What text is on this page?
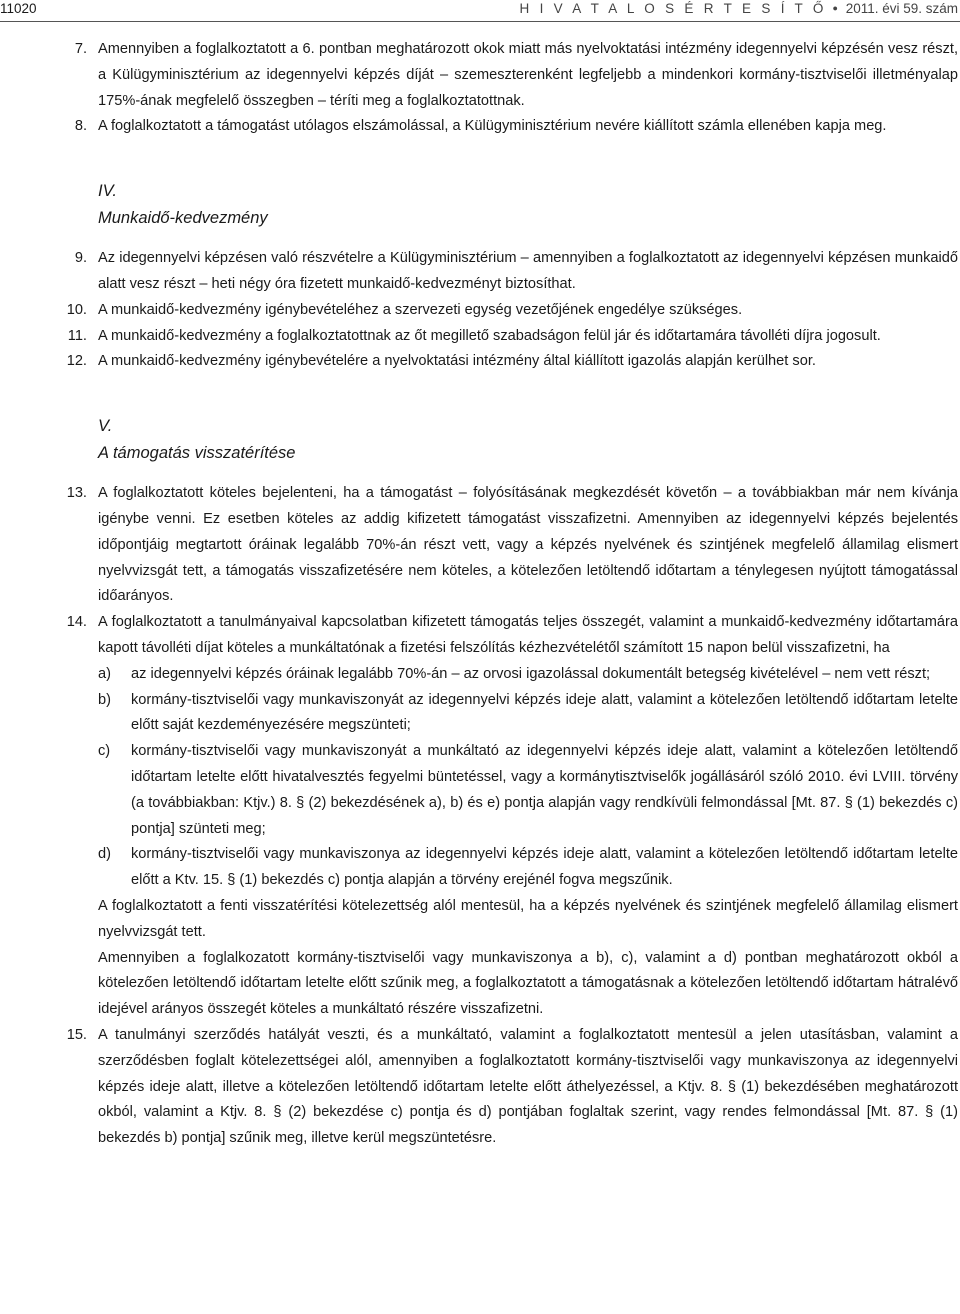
11020	H I V A T A L O S É R T E S Í T Ő ● 2011. évi 59. szám
7. Amennyiben a foglalkoztatott a 6. pontban meghatározott okok miatt más nyelvoktatási intézmény idegennyelvi képzésén vesz részt, a Külügyminisztérium az idegennyelvi képzés díját – szemeszterenként legfeljebb a mindenkori kormány-tisztviselői illetményalap 175%-ának megfelelő összegben – téríti meg a foglalkoztatottnak.
8. A foglalkoztatott a támogatást utólagos elszámolással, a Külügyminisztérium nevére kiállított számla ellenében kapja meg.
IV.
Munkaidő-kedvezmény
9. Az idegennyelvi képzésen való részvételre a Külügyminisztérium – amennyiben a foglalkoztatott az idegennyelvi képzésen munkaidő alatt vesz részt – heti négy óra fizetett munkaidő-kedvezményt biztosíthat.
10. A munkaidő-kedvezmény igénybevételéhez a szervezeti egység vezetőjének engedélye szükséges.
11. A munkaidő-kedvezmény a foglalkoztatottnak az őt megillető szabadságon felül jár és időtartamára távolléti díjra jogosult.
12. A munkaidő-kedvezmény igénybevételére a nyelvoktatási intézmény által kiállított igazolás alapján kerülhet sor.
V.
A támogatás visszatérítése
13. A foglalkoztatott köteles bejelenteni, ha a támogatást – folyósításának megkezdését követőn – a továbbiakban már nem kívánja igénybe venni. Ez esetben köteles az addig kifizetett támogatást visszafizetni. Amennyiben az idegennyelvi képzés bejelentés időpontjáig megtartott óráinak legalább 70%-án részt vett, vagy a képzés nyelvének és szintjének megfelelő államilag elismert nyelvvizsgát tett, a támogatás visszafizetésére nem köteles, a kötelezően letöltendő időtartam a ténylegesen nyújtott támogatással időarányos.
14. A foglalkoztatott a tanulmányaival kapcsolatban kifizetett támogatás teljes összegét, valamint a munkaidő-kedvezmény időtartamára kapott távolléti díjat köteles a munkáltatónak a fizetési felszólítás kézhezvételétől számított 15 napon belül visszafizetni, ha
a)	az idegennyelvi képzés óráinak legalább 70%-án – az orvosi igazolással dokumentált betegség kivételével – nem vett részt;
b)	kormány-tisztviselői vagy munkaviszonyát az idegennyelvi képzés ideje alatt, valamint a kötelezően letöltendő időtartam letelte előtt saját kezdeményezésére megszünteti;
c)	kormány-tisztviselői vagy munkaviszonyát a munkáltató az idegennyelvi képzés ideje alatt, valamint a kötelezően letöltendő időtartam letelte előtt hivatalvesztés fegyelmi büntetéssel, vagy a kormánytisztviselők jogállásáról szóló 2010. évi LVIII. törvény (a továbbiakban: Ktjv.) 8. § (2) bekezdésének a), b) és e) pontja alapján vagy rendkívüli felmondással [Mt. 87. § (1) bekezdés c) pontja] szünteti meg;
d)	kormány-tisztviselői vagy munkaviszonya az idegennyelvi képzés ideje alatt, valamint a kötelezően letöltendő időtartam letelte előtt a Ktv. 15. § (1) bekezdés c) pontja alapján a törvény erejénél fogva megszűnik.
A foglalkoztatott a fenti visszatérítési kötelezettség alól mentesül, ha a képzés nyelvének és szintjének megfelelő államilag elismert nyelvvizsgát tett.
Amennyiben a foglalkozatott kormány-tisztviselői vagy munkaviszonya a b), c), valamint a d) pontban meghatározott okból a kötelezően letöltendő időtartam letelte előtt szűnik meg, a foglalkoztatott a támogatásnak a kötelezően letöltendő időtartam hátralévő idejével arányos összegét köteles a munkáltató részére visszafizetni.
15. A tanulmányi szerződés hatályát veszti, és a munkáltató, valamint a foglalkoztatott mentesül a jelen utasításban, valamint a szerződésben foglalt kötelezettségei alól, amennyiben a foglalkoztatott kormány-tisztviselői vagy munkaviszonya az idegennyelvi képzés ideje alatt, illetve a kötelezően letöltendő időtartam letelte előtt áthelyezéssel, a Ktjv. 8. § (1) bekezdésében meghatározott okból, valamint a Ktjv. 8. § (2) bekezdése c) pontja és d) pontjában foglaltak szerint, vagy rendes felmondással [Mt. 87. § (1) bekezdés b) pontja] szűnik meg, illetve kerül megszüntetésre.
